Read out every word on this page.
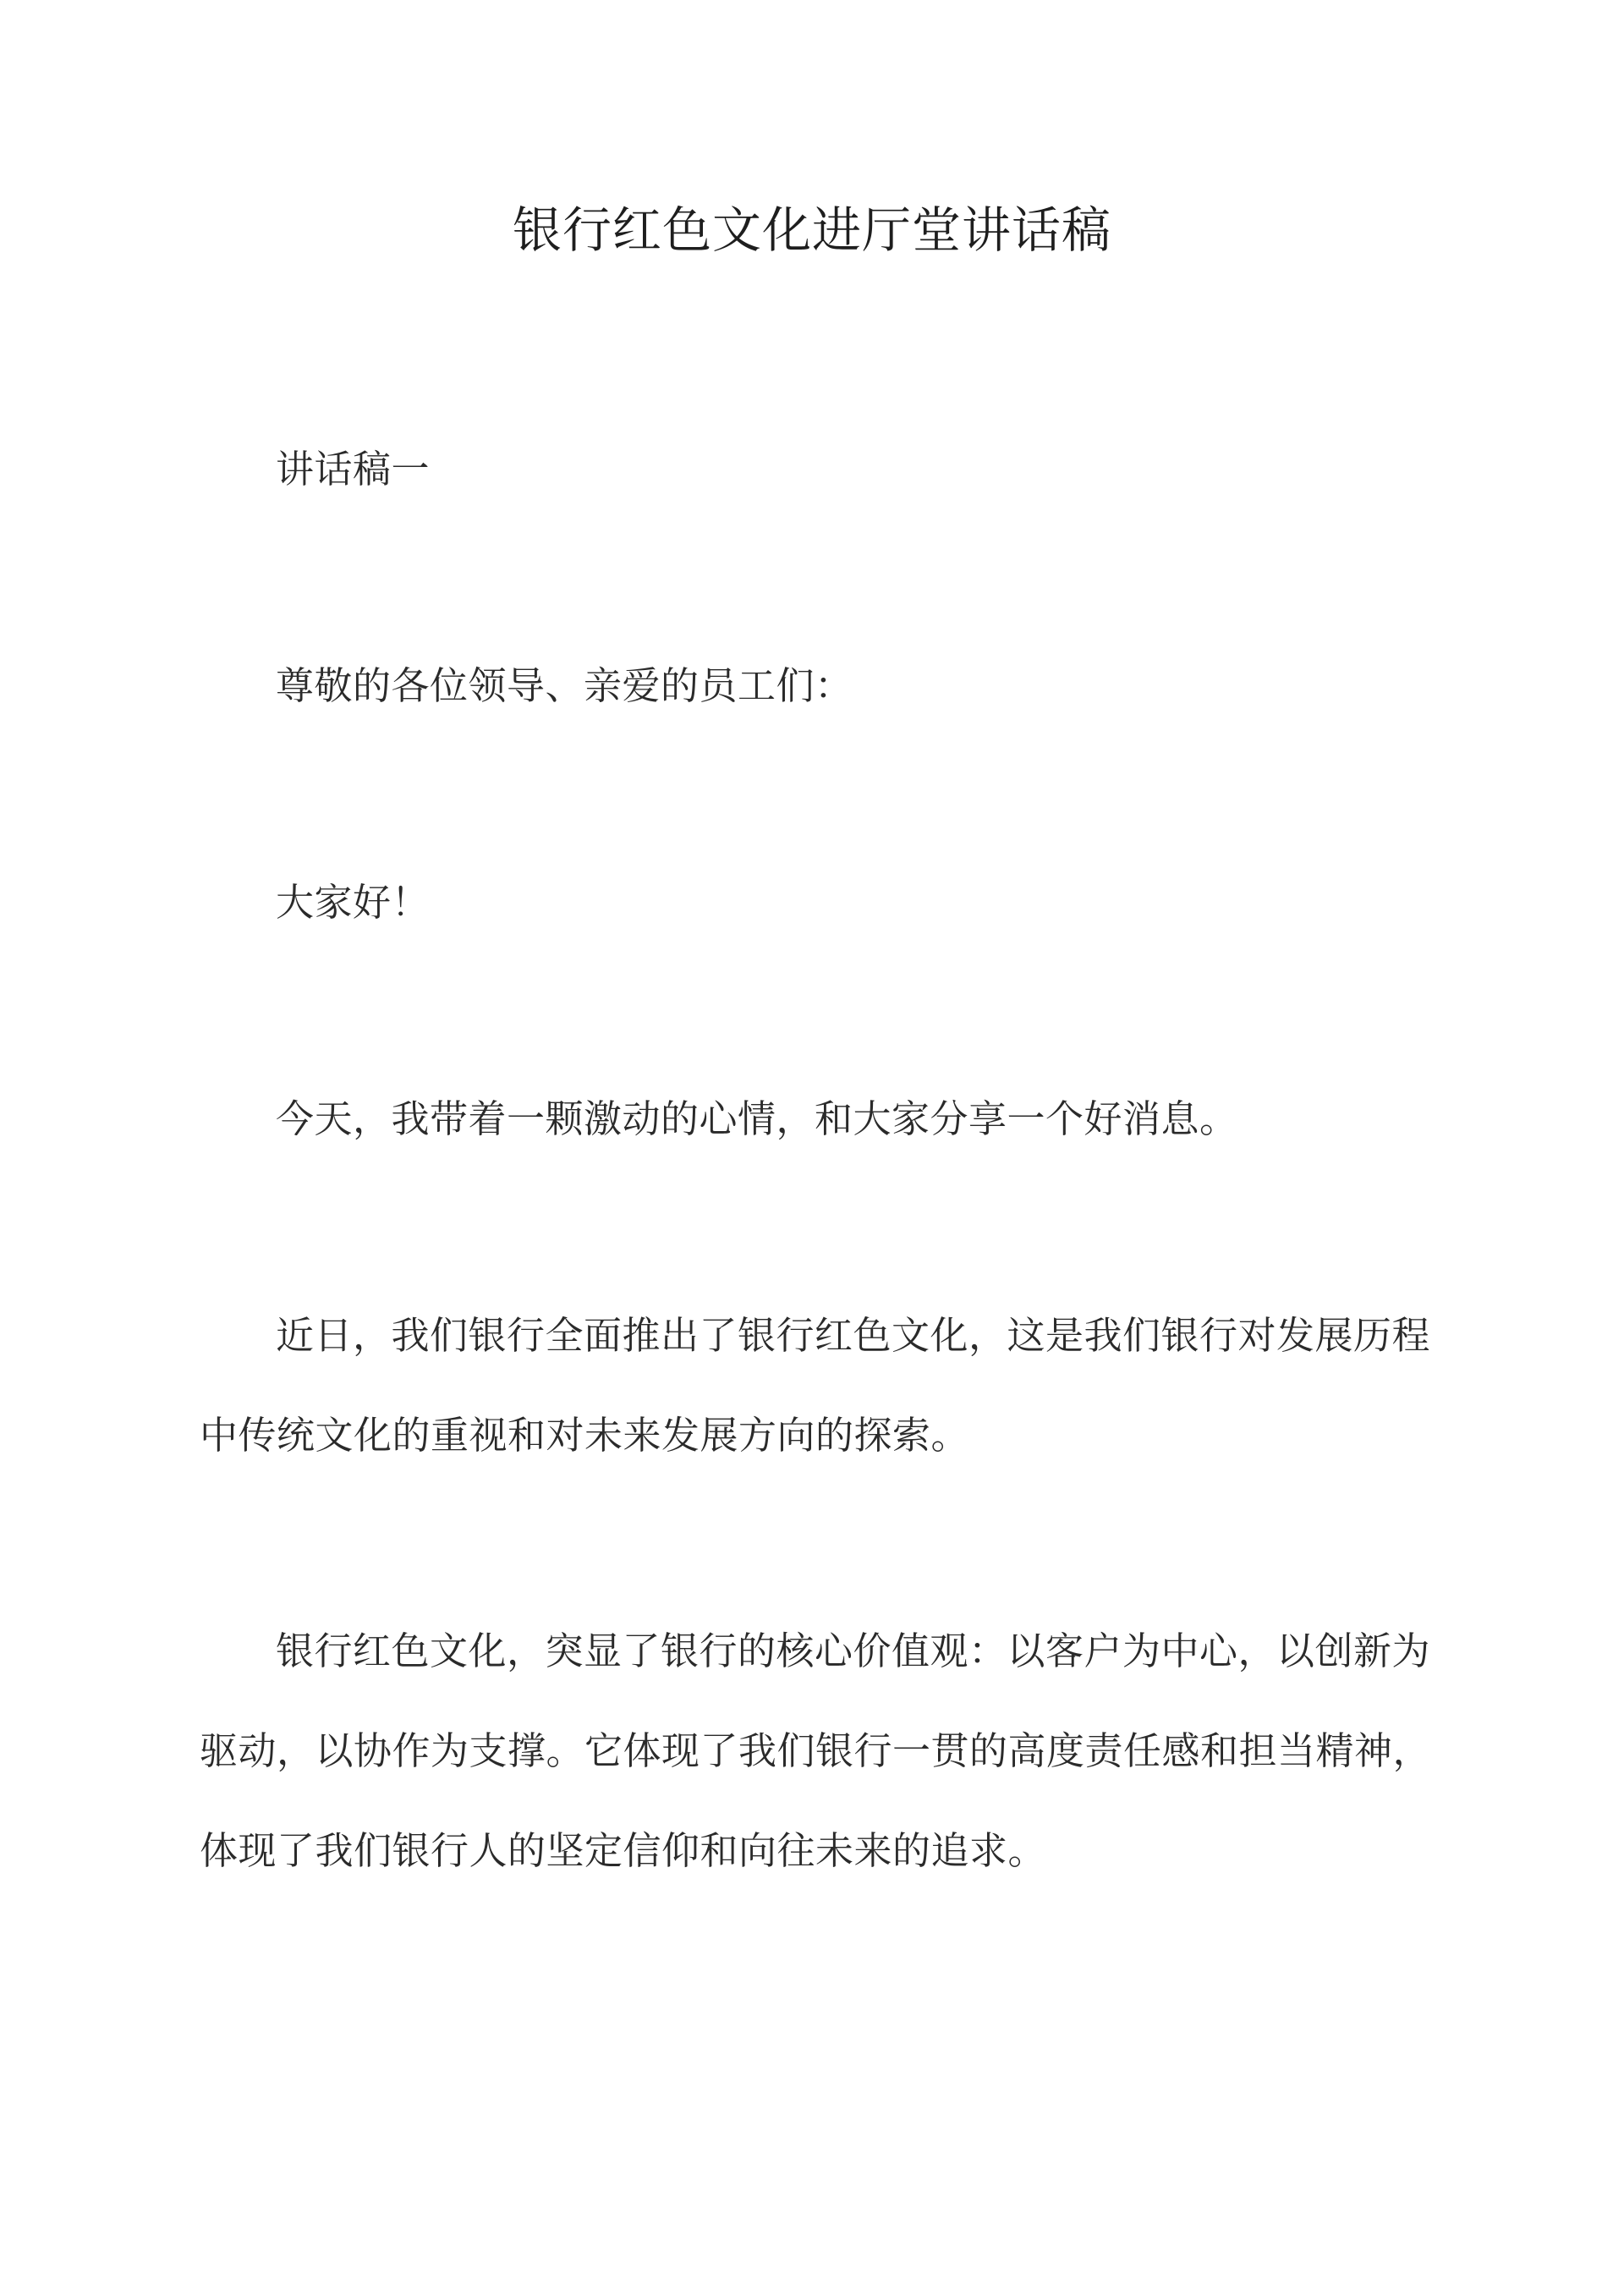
银行红色文化进厅堂讲话稿
讲话稿一
尊敬的各位领导、亲爱的员工们：
大家好！
今天，我带着一颗激动的心情，和大家分享一个好消息。
近日，我们银行全面推出了银行红色文化，这是我们银行对发展历程中传统文化的重视和对未来发展方向的探索。
银行红色文化，突显了银行的核心价值观：以客户为中心，以创新为驱动，以协作为支撑。它体现了我们银行一贯的高度责任感和担当精神，体现了我们银行人的坚定信仰和向往未来的追求。
